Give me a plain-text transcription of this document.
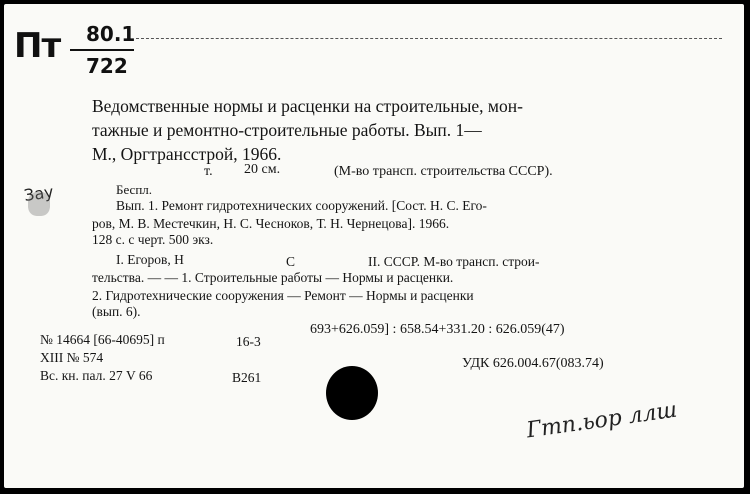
Пт 80.1
722
Ведомственные нормы и расценки на строительные, мон-
тажные и ремонтно-строительные работы. Вып. 1—
М., Оргтрансстрой, 1966.
т. 20 см.	(М-во трансп. строительства СССР).
Беспл.
Зау
Вып. 1. Ремонт гидротехнических сооружений. [Сост. Н. С. Его-
ров, М. В. Местечкин, Н. С. Чесноков, Т. Н. Чернецова]. 1966.
128 с. с черт. 500 экз.
I. Егоров, Н	С	II. СССР. М-во трансп. строи-
тельства. — — 1. Строительные работы — Нормы и расценки.
2. Гидротехнические сооружения — Ремонт — Нормы и расценки
(вып. 6).
693+626.059] : 658.54+331.20 : 626.059(47)
№ 14664 [66-40695] п	16-3
XIII № 574
Вс. кн. пал. 27 V 66	В261
УДК 626.004.67(083.74)
Гтп.ьор ллш
